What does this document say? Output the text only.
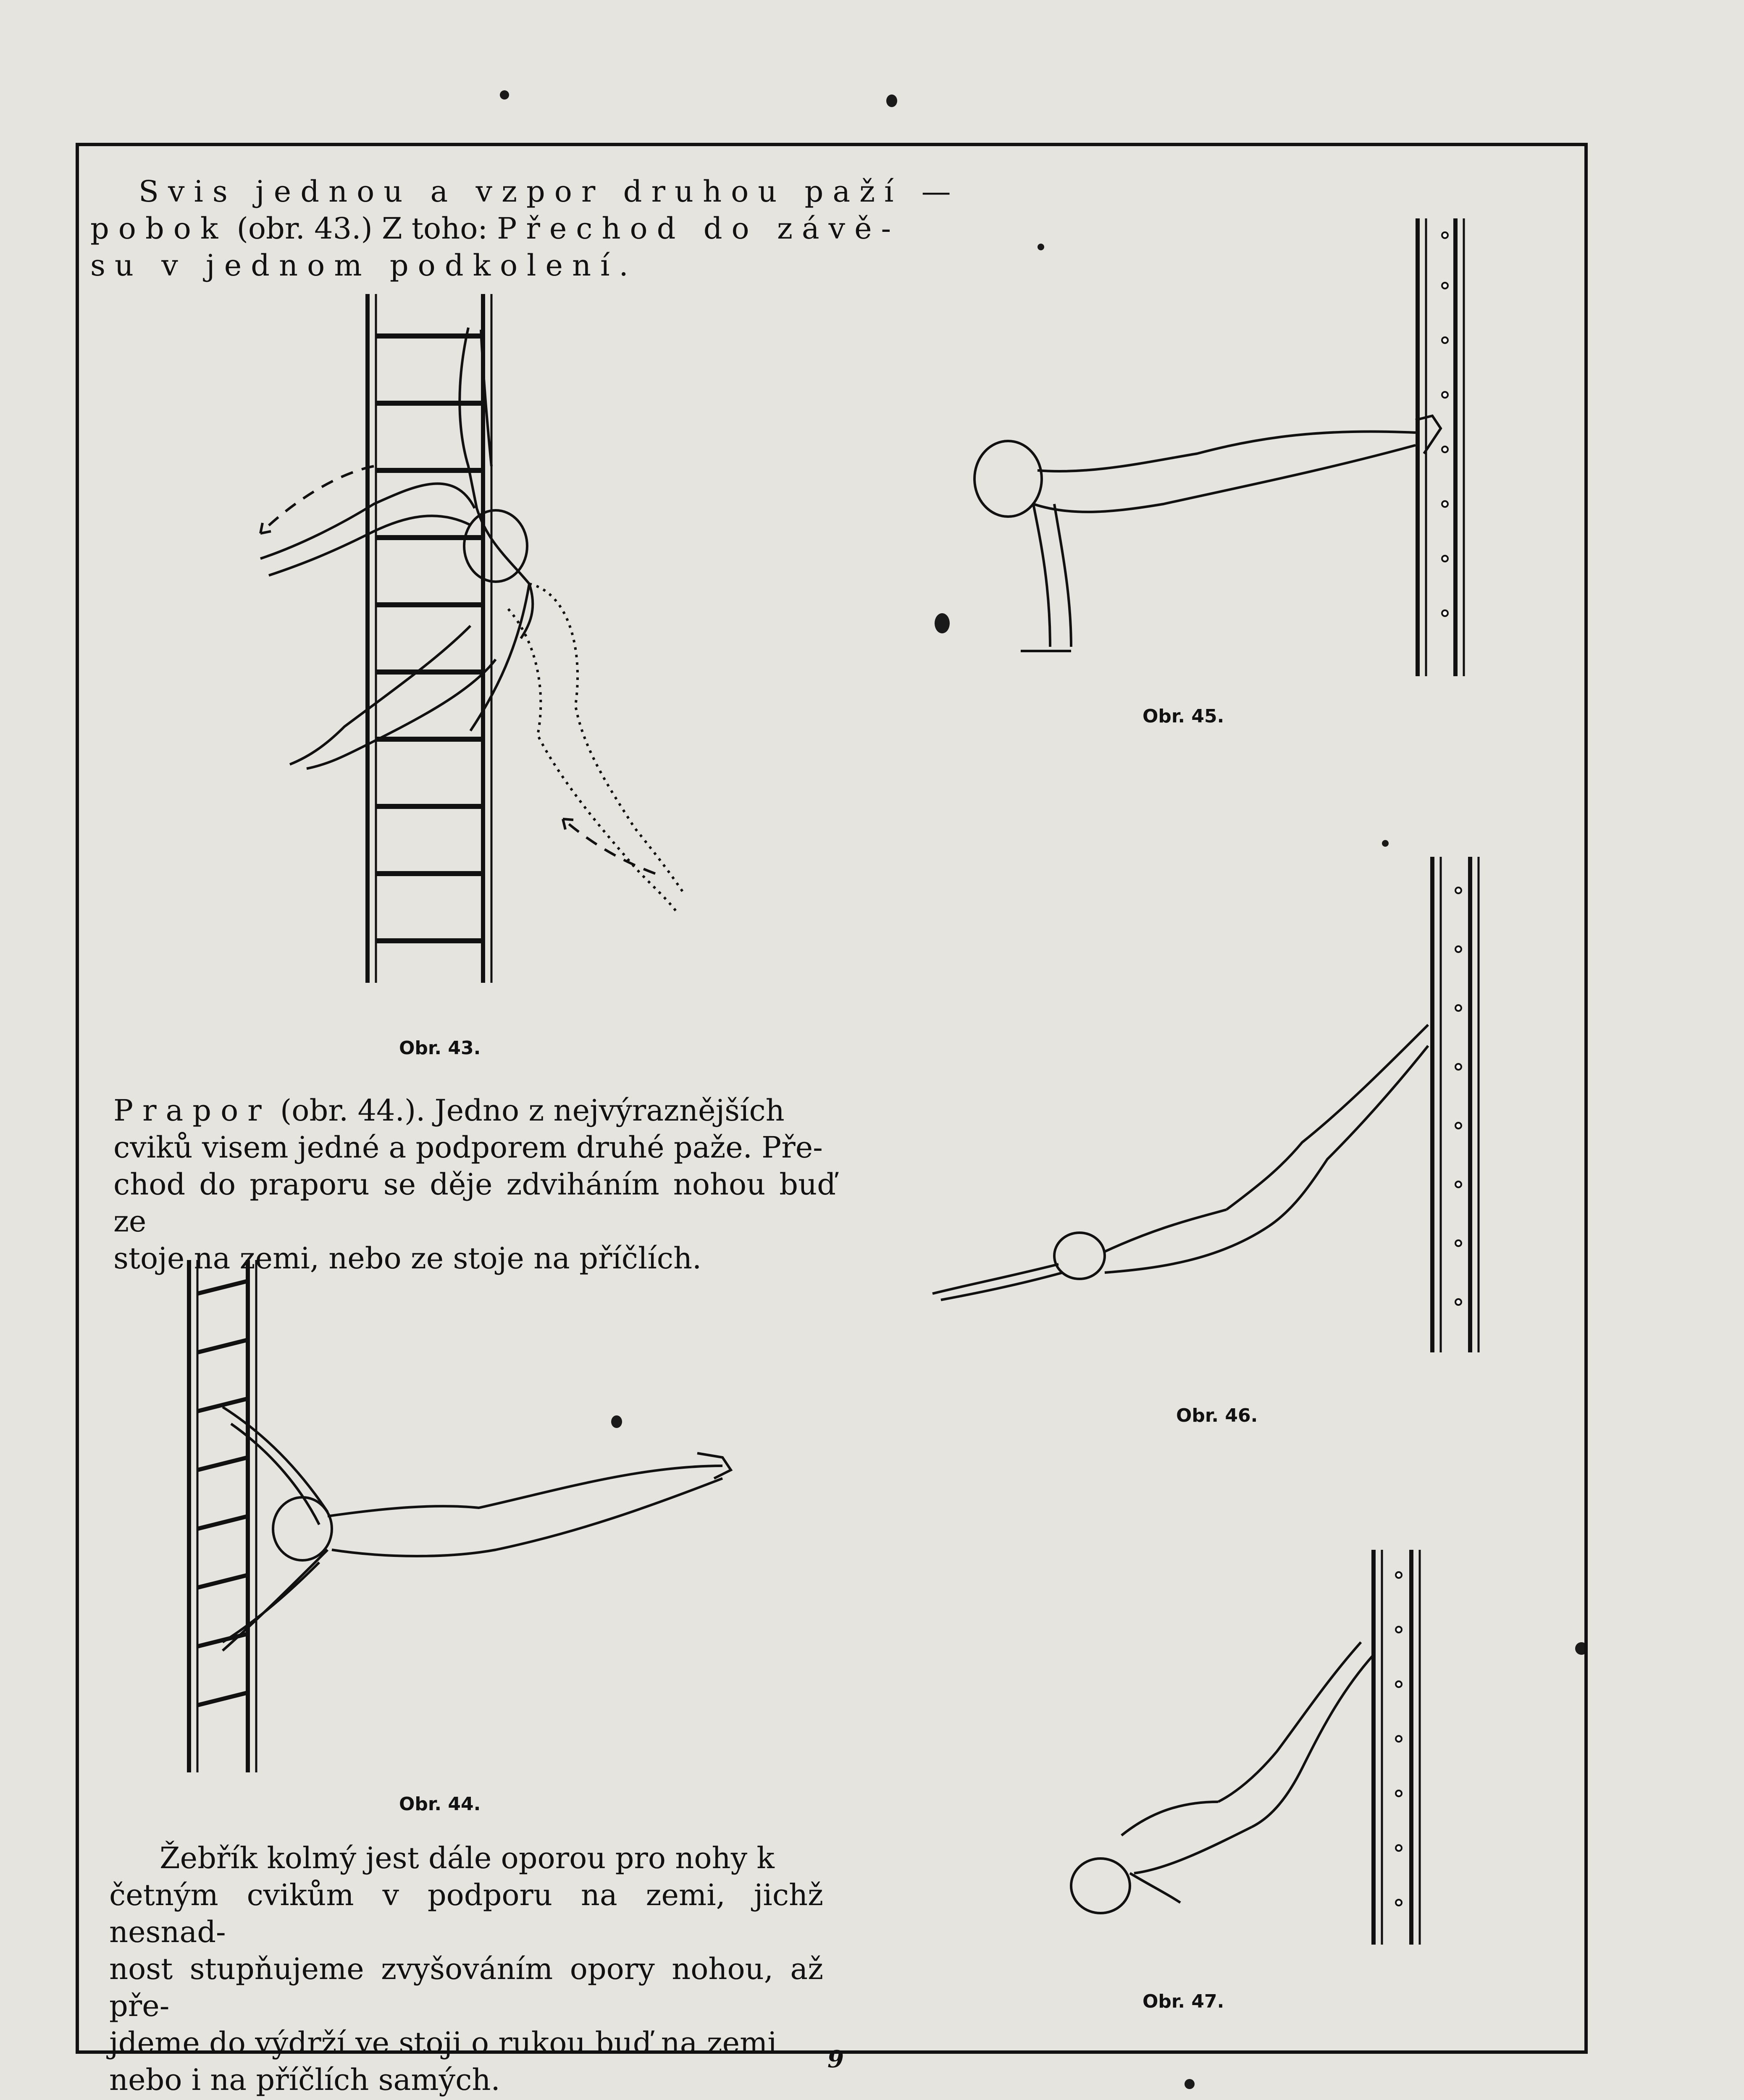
Svis jednou a vzpor druhou paží —
pobok (obr. 43.) Z toho: Přechod do závě-
su v jednom podkolení.
Obr. 43.
Obr. 45.
Prapor (obr. 44.). Jedno z nejvýraznějších
cviků visem jedné a podporem druhé paže. Pře-
chod do praporu se děje zdviháním nohou buď ze
stoje na zemi, nebo ze stoje na příčlích.
Obr. 46.
Obr. 44.
Obr. 47.
Žebřík kolmý jest dále oporou pro nohy k
četným cvikům v podporu na zemi, jichž nesnad-
nost stupňujeme zvyšováním opory nohou, až pře-
jdeme do výdrží ve stoji o rukou buď na zemi
nebo i na příčlích samých.
9
